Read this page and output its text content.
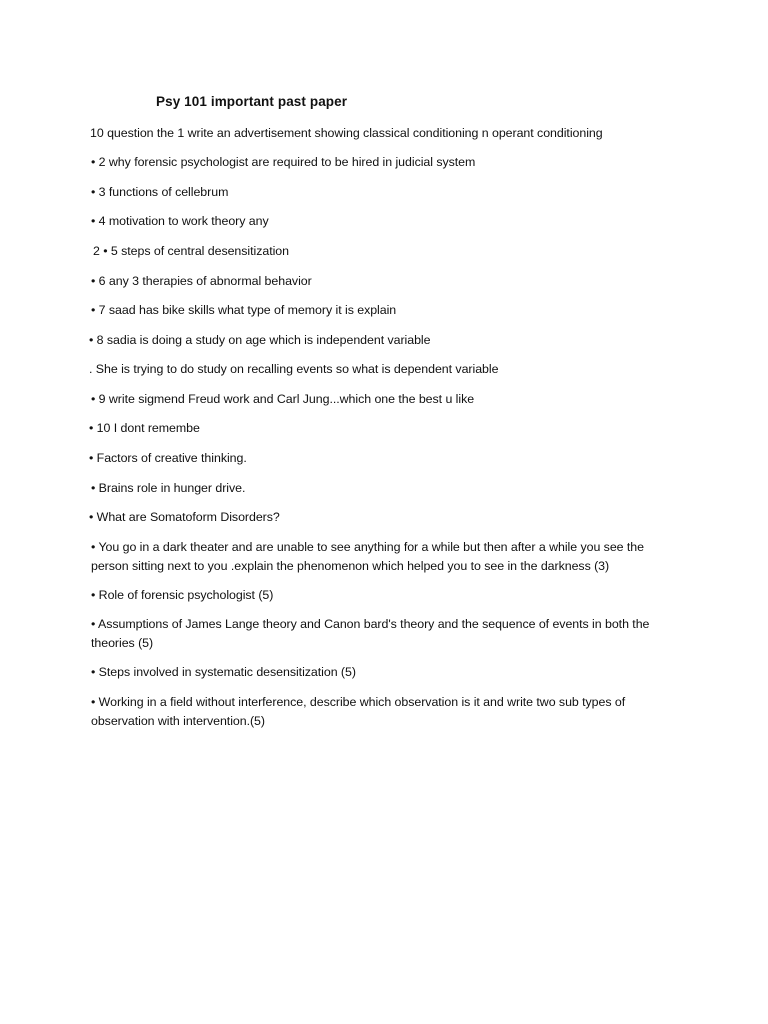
Psy 101 important past paper
10 question the 1 write an advertisement showing classical conditioning n operant conditioning
• 2 why forensic psychologist are required to be hired in judicial system
• 3 functions of cellebrum
• 4 motivation to work theory any
2 • 5 steps of central desensitization
• 6 any 3 therapies of abnormal behavior
• 7 saad has bike skills what type of memory it is explain
• 8 sadia is doing a study on age which is independent variable
. She is trying to do study on recalling events so what is dependent variable
• 9 write sigmend Freud work and Carl Jung...which one the best u like
• 10 I dont remembe
• Factors of creative thinking.
• Brains role in hunger drive.
• What are Somatoform Disorders?
• You go in a dark theater and are unable to see anything for a while but then after a while you see the person sitting next to you .explain the phenomenon which helped you to see in the darkness (3)
• Role of forensic psychologist (5)
• Assumptions of James Lange theory and Canon bard's theory and the sequence of events in both the theories (5)
• Steps involved in systematic desensitization (5)
• Working in a field without interference, describe which observation is it and write two sub types of observation with intervention.(5)
